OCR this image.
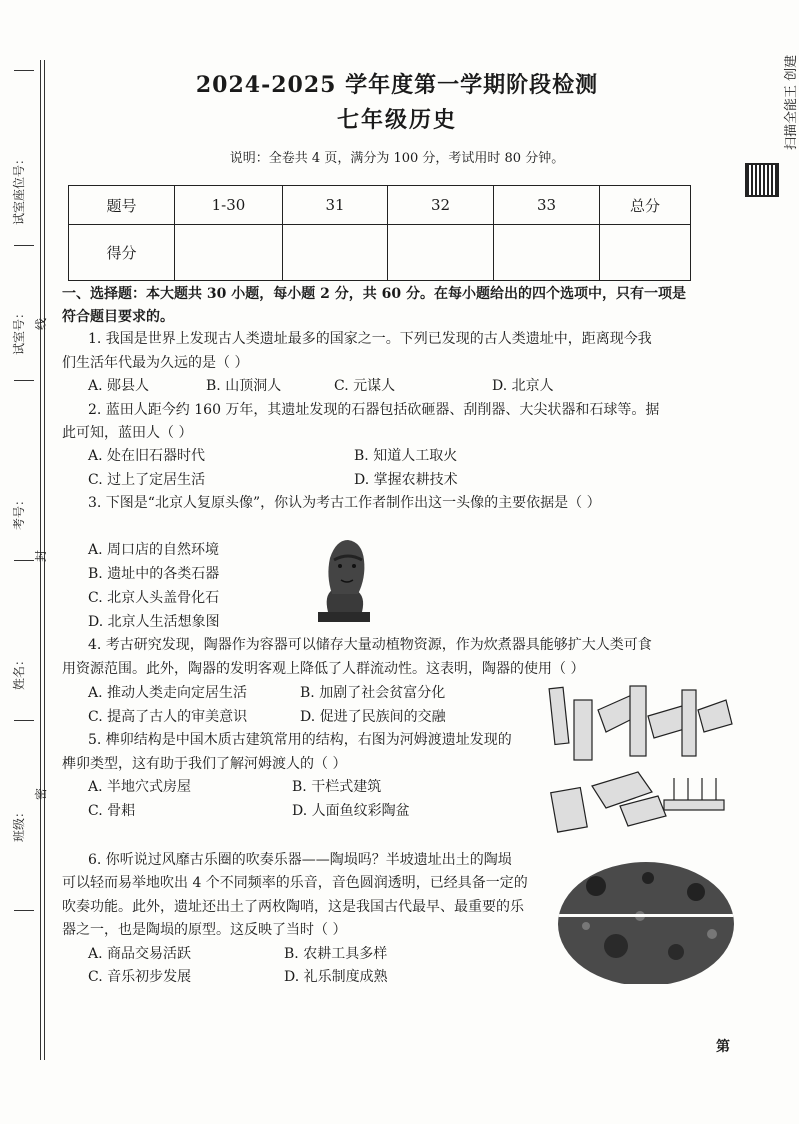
试室座位号：
试室号： 线
考号：
封
姓名：
班级：
密
扫描全能王 创建
2024-2025 学年度第一学期阶段检测
七年级历史
说明：全卷共 4 页，满分为 100 分，考试用时 80 分钟。
题号	1-30	31	32	33	总分
得分					
一、选择题：本大题共 30 小题，每小题 2 分，共 60 分。在每小题给出的四个选项中，只有一项是
符合题目要求的。
1. 我国是世界上发现古人类遗址最多的国家之一。下列已发现的古人类遗址中，距离现今我
们生活年代最为久远的是（ ）
A. 郧县人	B. 山顶洞人	C. 元谋人	D. 北京人
2. 蓝田人距今约 160 万年，其遗址发现的石器包括砍砸器、刮削器、大尖状器和石球等。据
此可知，蓝田人（ ）
A. 处在旧石器时代	B. 知道人工取火
C. 过上了定居生活	D. 掌握农耕技术
3. 下图是“北京人复原头像”，你认为考古工作者制作出这一头像的主要依据是（ ）
A. 周口店的自然环境
B. 遗址中的各类石器
C. 北京人头盖骨化石
D. 北京人生活想象图
4. 考古研究发现，陶器作为容器可以储存大量动植物资源，作为炊煮器具能够扩大人类可食
用资源范围。此外，陶器的发明客观上降低了人群流动性。这表明，陶器的使用（ ）
A. 推动人类走向定居生活	B. 加剧了社会贫富分化
C. 提高了古人的审美意识	D. 促进了民族间的交融
5. 榫卯结构是中国木质古建筑常用的结构，右图为河姆渡遗址发现的
榫卯类型，这有助于我们了解河姆渡人的（ ）
A. 半地穴式房屋	B. 干栏式建筑
C. 骨耜	D. 人面鱼纹彩陶盆
6. 你听说过风靡古乐圈的吹奏乐器——陶埙吗？半坡遗址出土的陶埙
可以轻而易举地吹出 4 个不同频率的乐音，音色圆润透明，已经具备一定的
吹奏功能。此外，遗址还出土了两枚陶哨，这是我国古代最早、最重要的乐
器之一，也是陶埙的原型。这反映了当时（ ）
A. 商品交易活跃	B. 农耕工具多样
C. 音乐初步发展	D. 礼乐制度成熟
第
